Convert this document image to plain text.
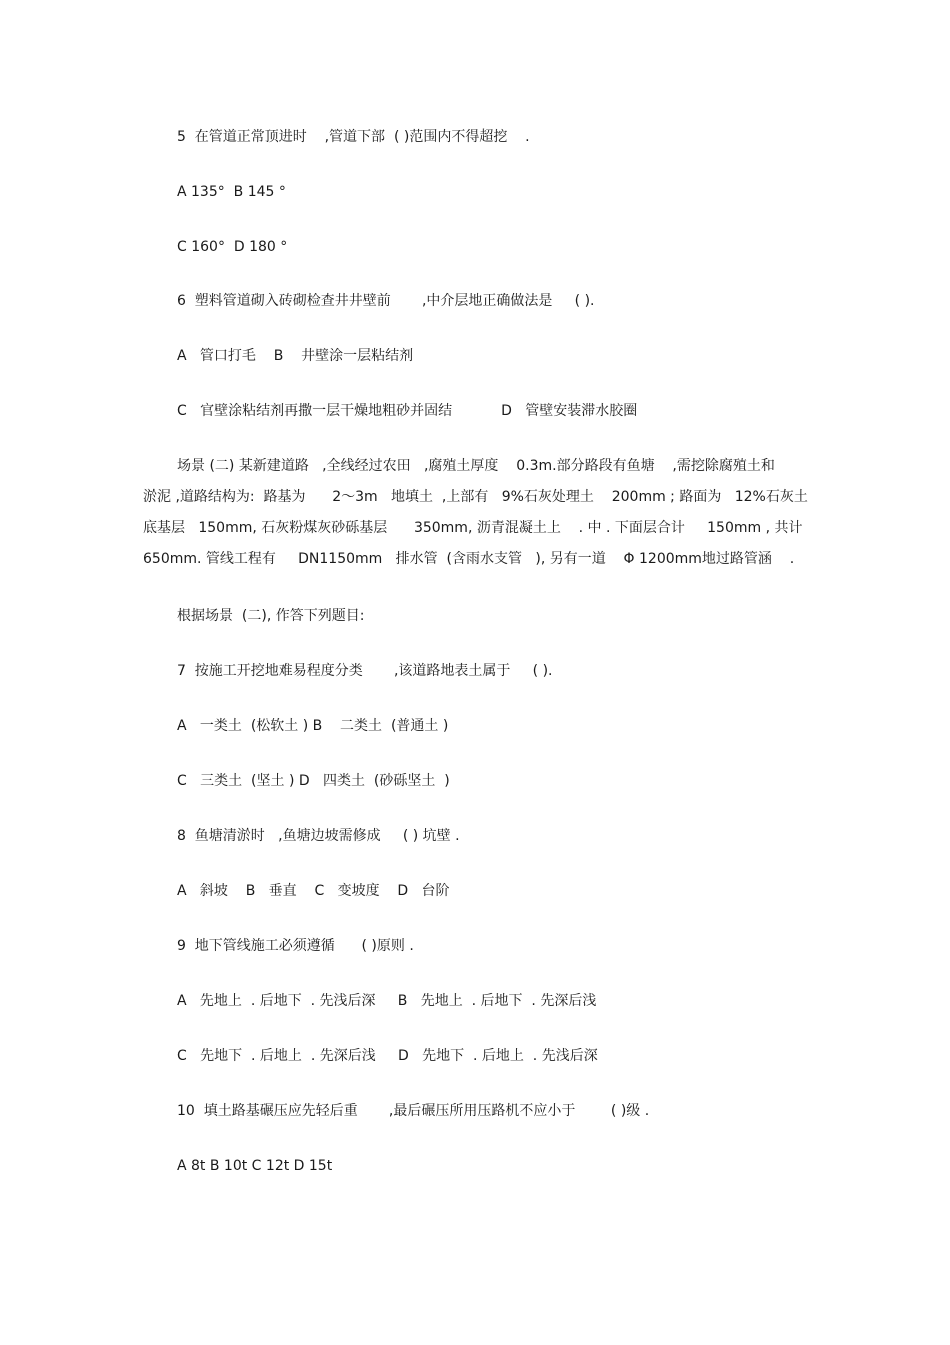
5  在管道正常顶进时    ,管道下部  ( )范围内不得超挖    .
A 135°  B 145 °
C 160°  D 180 °
6  塑料管道砌入砖砌检查井井壁前       ,中介层地正确做法是     ( ).
A   管口打毛    B    井壁涂一层粘结剂
C   官壁涂粘结剂再撒一层干燥地粗砂并固结           D   管壁安装滞水胶圈
场景 (二) 某新建道路   ,全线经过农田   ,腐殖土厚度    0.3m.部分路段有鱼塘    ,需挖除腐殖土和
淤泥 ,道路结构为:  路基为      2～3m   地填土  ,上部有   9%石灰处理土    200mm ; 路面为   12%石灰土
底基层   150mm, 石灰粉煤灰砂砾基层      350mm, 沥青混凝土上    . 中 . 下面层合计     150mm , 共计
650mm. 管线工程有     DN1150mm   排水管  (含雨水支管   ), 另有一道    Φ 1200mm地过路管涵    .
根据场景  (二), 作答下列题目:
7  按施工开挖地难易程度分类       ,该道路地表土属于     ( ).
A   一类土  (松软土 ) B    二类土  (普通土 )
C   三类土  (坚土 ) D   四类土  (砂砾坚土  )
8  鱼塘清淤时   ,鱼塘边坡需修成     ( ) 坑壁 .
A   斜坡    B   垂直    C   变坡度    D   台阶
9  地下管线施工必须遵循      ( )原则 .
A   先地上  . 后地下  . 先浅后深     B   先地上  . 后地下  . 先深后浅
C   先地下  . 后地上  . 先深后浅     D   先地下  . 后地上  . 先浅后深
10  填土路基碾压应先轻后重       ,最后碾压所用压路机不应小于        ( )级 .
A 8t B 10t C 12t D 15t
